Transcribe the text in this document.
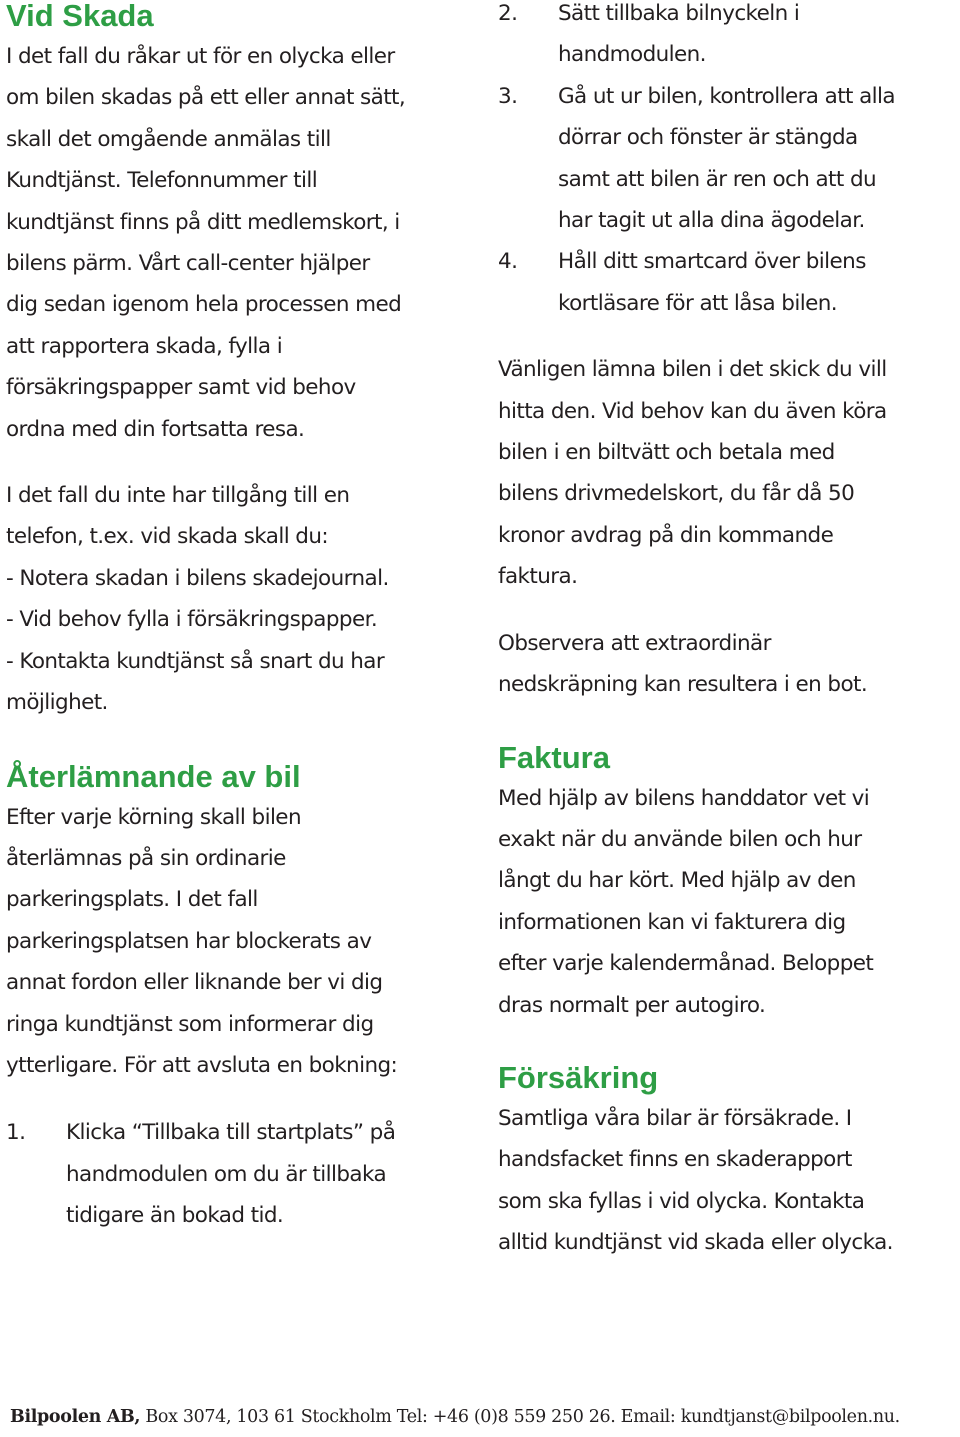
Vid Skada

I det fall du råkar ut för en olycka eller
om bilen skadas på ett eller annat sätt,
skall det omgående anmälas till
Kundtjänst. Telefonnummer till
kundtjänst finns på ditt medlemskort, i
bilens pärm. Vårt call-center hjälper
dig sedan igenom hela processen med
att rapportera skada, fylla i
försäkringspapper samt vid behov
ordna med din fortsatta resa.

I det fall du inte har tillgång till en
telefon, t.ex. vid skada skall du:
- Notera skadan i bilens skadejournal.
- Vid behov fylla i försäkringspapper.
- Kontakta kundtjänst så snart du har
möjlighet.

Återlämnande av bil

Efter varje körning skall bilen
återlämnas på sin ordinarie
parkeringsplats. I det fall
parkeringsplatsen har blockerats av
annat fordon eller liknande ber vi dig
ringa kundtjänst som informerar dig
ytterligare. För att avsluta en bokning:

1.	Klicka “Tillbaka till startplats” på
handmodulen om du är tillbaka
tidigare än bokad tid.
2.	Sätt tillbaka bilnyckeln i
handmodulen.
3.	Gå ut ur bilen, kontrollera att alla
dörrar och fönster är stängda
samt att bilen är ren och att du
har tagit ut alla dina ägodelar.
4.	Håll ditt smartcard över bilens
kortläsare för att låsa bilen.

Vänligen lämna bilen i det skick du vill
hitta den. Vid behov kan du även köra
bilen i en biltvätt och betala med
bilens drivmedelskort, du får då 50
kronor avdrag på din kommande
faktura.

Observera att extraordinär
nedskräpning kan resultera i en bot.

Faktura

Med hjälp av bilens handdator vet vi
exakt när du använde bilen och hur
långt du har kört. Med hjälp av den
informationen kan vi fakturera dig
efter varje kalendermånad. Beloppet
dras normalt per autogiro.

Försäkring

Samtliga våra bilar är försäkrade. I
handsfacket finns en skaderapport
som ska fyllas i vid olycka. Kontakta
alltid kundtjänst vid skada eller olycka.

Bilpoolen AB, Box 3074, 103 61 Stockholm Tel: +46 (0)8 559 250 26. Email: kundtjanst@bilpoolen.nu.
